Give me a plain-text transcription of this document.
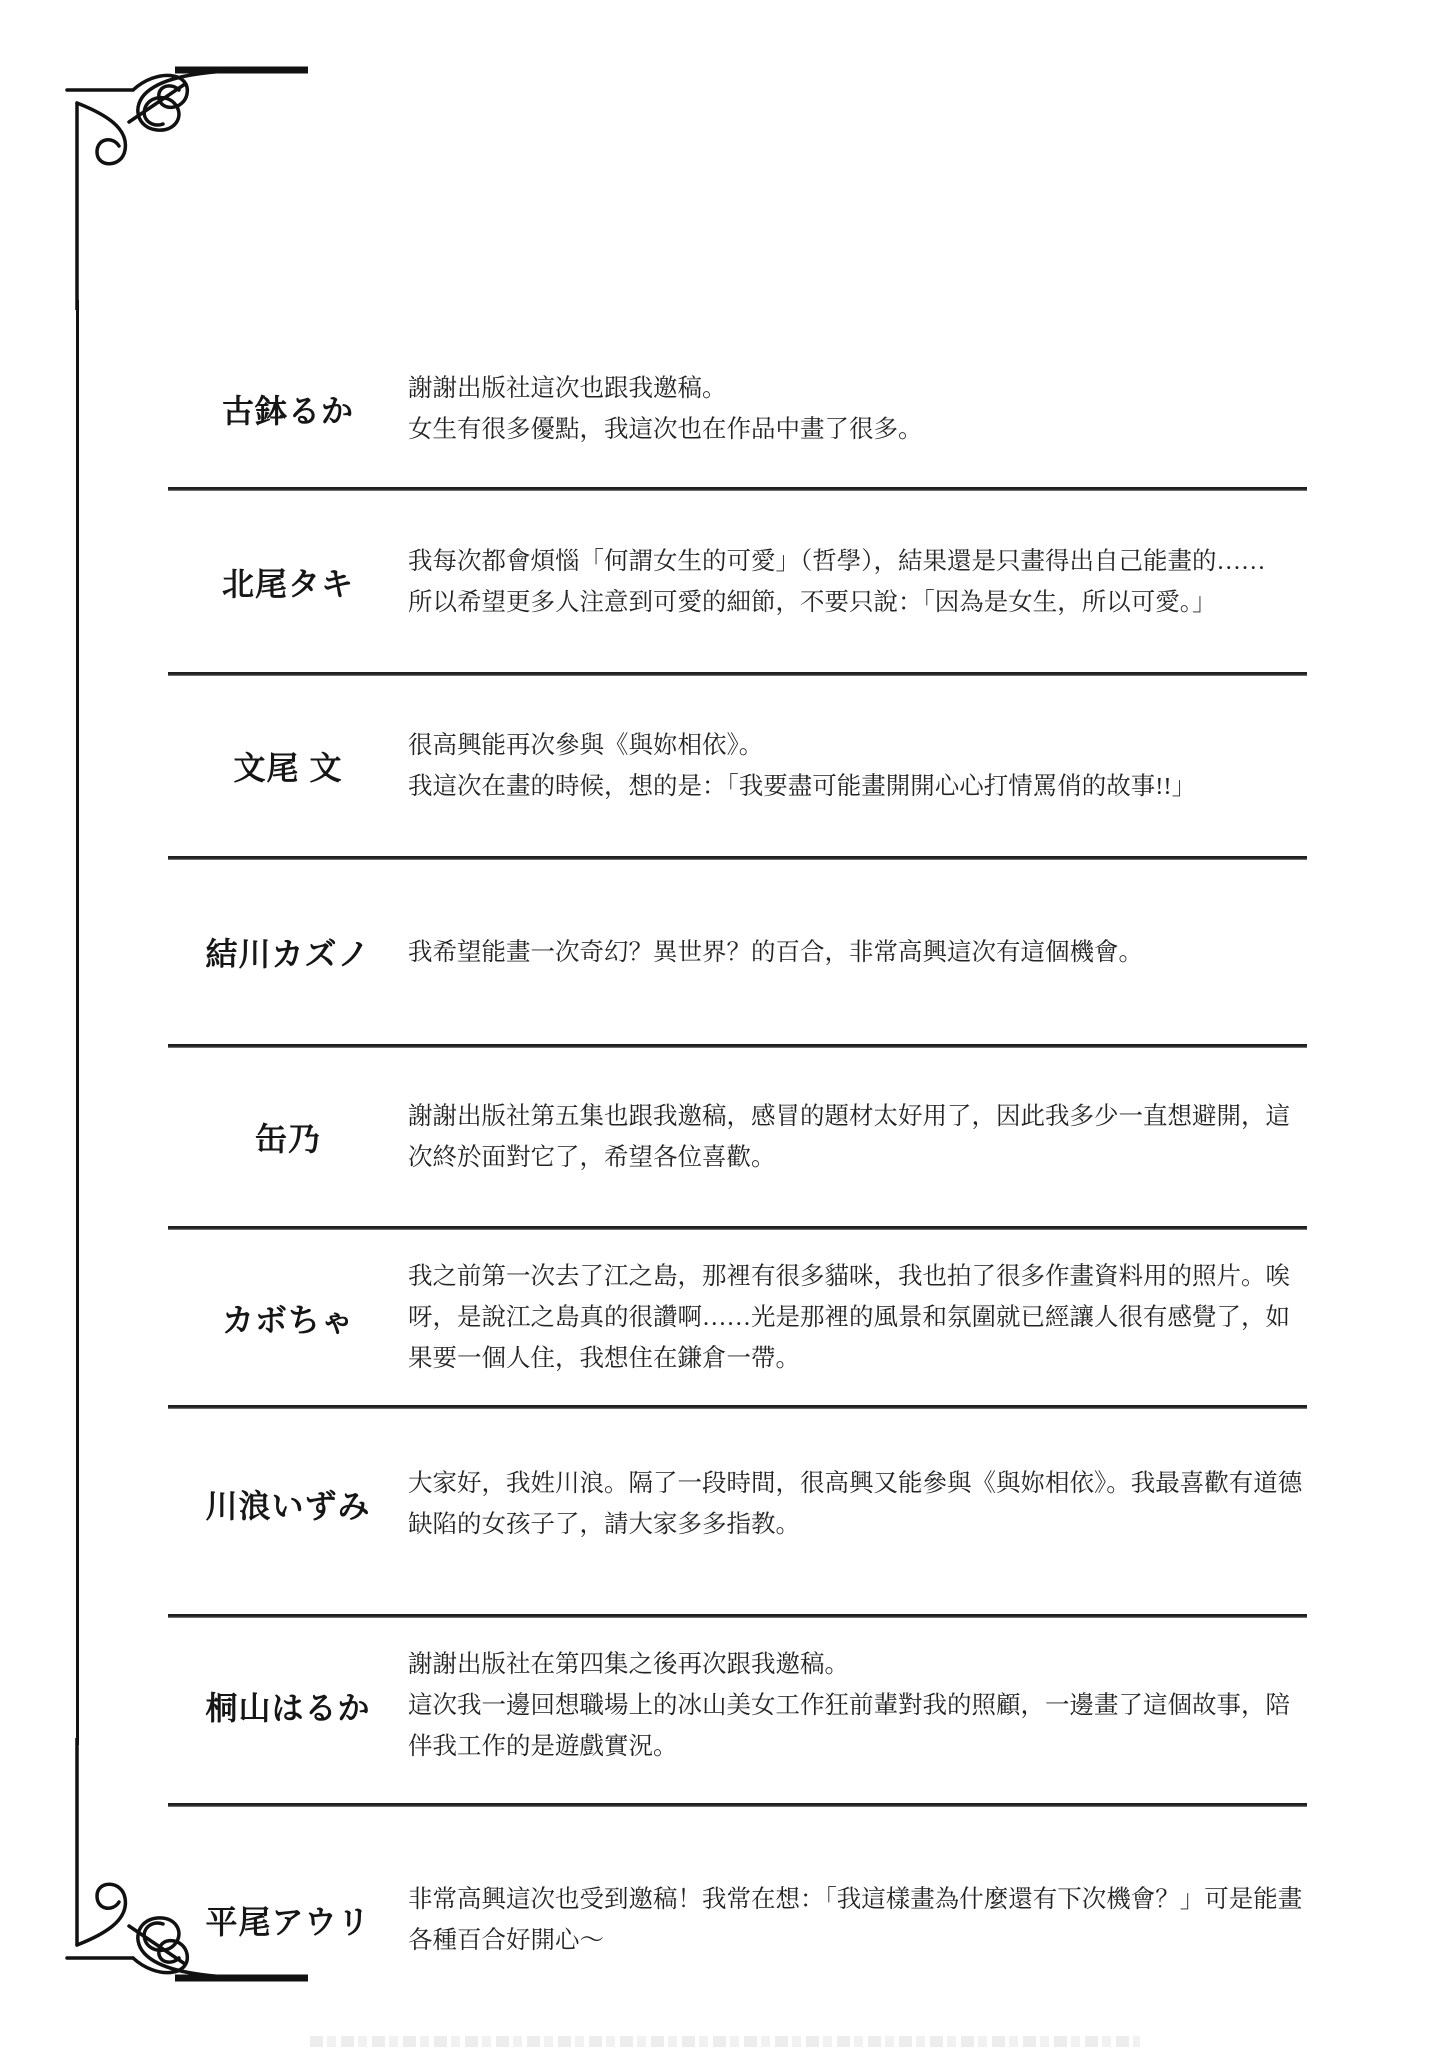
古鉢るか
謝謝出版社這次也跟我邀稿。
女生有很多優點，我這次也在作品中畫了很多。
北尾タキ
我每次都會煩惱「何謂女生的可愛」（哲學），結果還是只畫得出自己能畫的……
所以希望更多人注意到可愛的細節，不要只說：「因為是女生，所以可愛。」
文尾 文
很高興能再次參與《與妳相依》。
我這次在畫的時候，想的是：「我要盡可能畫開開心心打情罵俏的故事!!」
結川カズノ	我希望能畫一次奇幻？異世界？的百合，非常高興這次有這個機會。
缶乃
謝謝出版社第五集也跟我邀稿，感冒的題材太好用了，因此我多少一直想避開，這次終於面對它了，希望各位喜歡。
カボちゃ
我之前第一次去了江之島，那裡有很多貓咪，我也拍了很多作畫資料用的照片。唉呀，是說江之島真的很讚啊……光是那裡的風景和氛圍就已經讓人很有感覺了，如果要一個人住，我想住在鎌倉一帶。
川浪いずみ
大家好，我姓川浪。隔了一段時間，很高興又能參與《與妳相依》。我最喜歡有道德缺陷的女孩子了，請大家多多指教。
桐山はるか
謝謝出版社在第四集之後再次跟我邀稿。
這次我一邊回想職場上的冰山美女工作狂前輩對我的照顧，一邊畫了這個故事，陪伴我工作的是遊戲實況。
平尾アウリ
非常高興這次也受到邀稿！我常在想：「我這樣畫為什麼還有下次機會？」可是能畫各種百合好開心～
